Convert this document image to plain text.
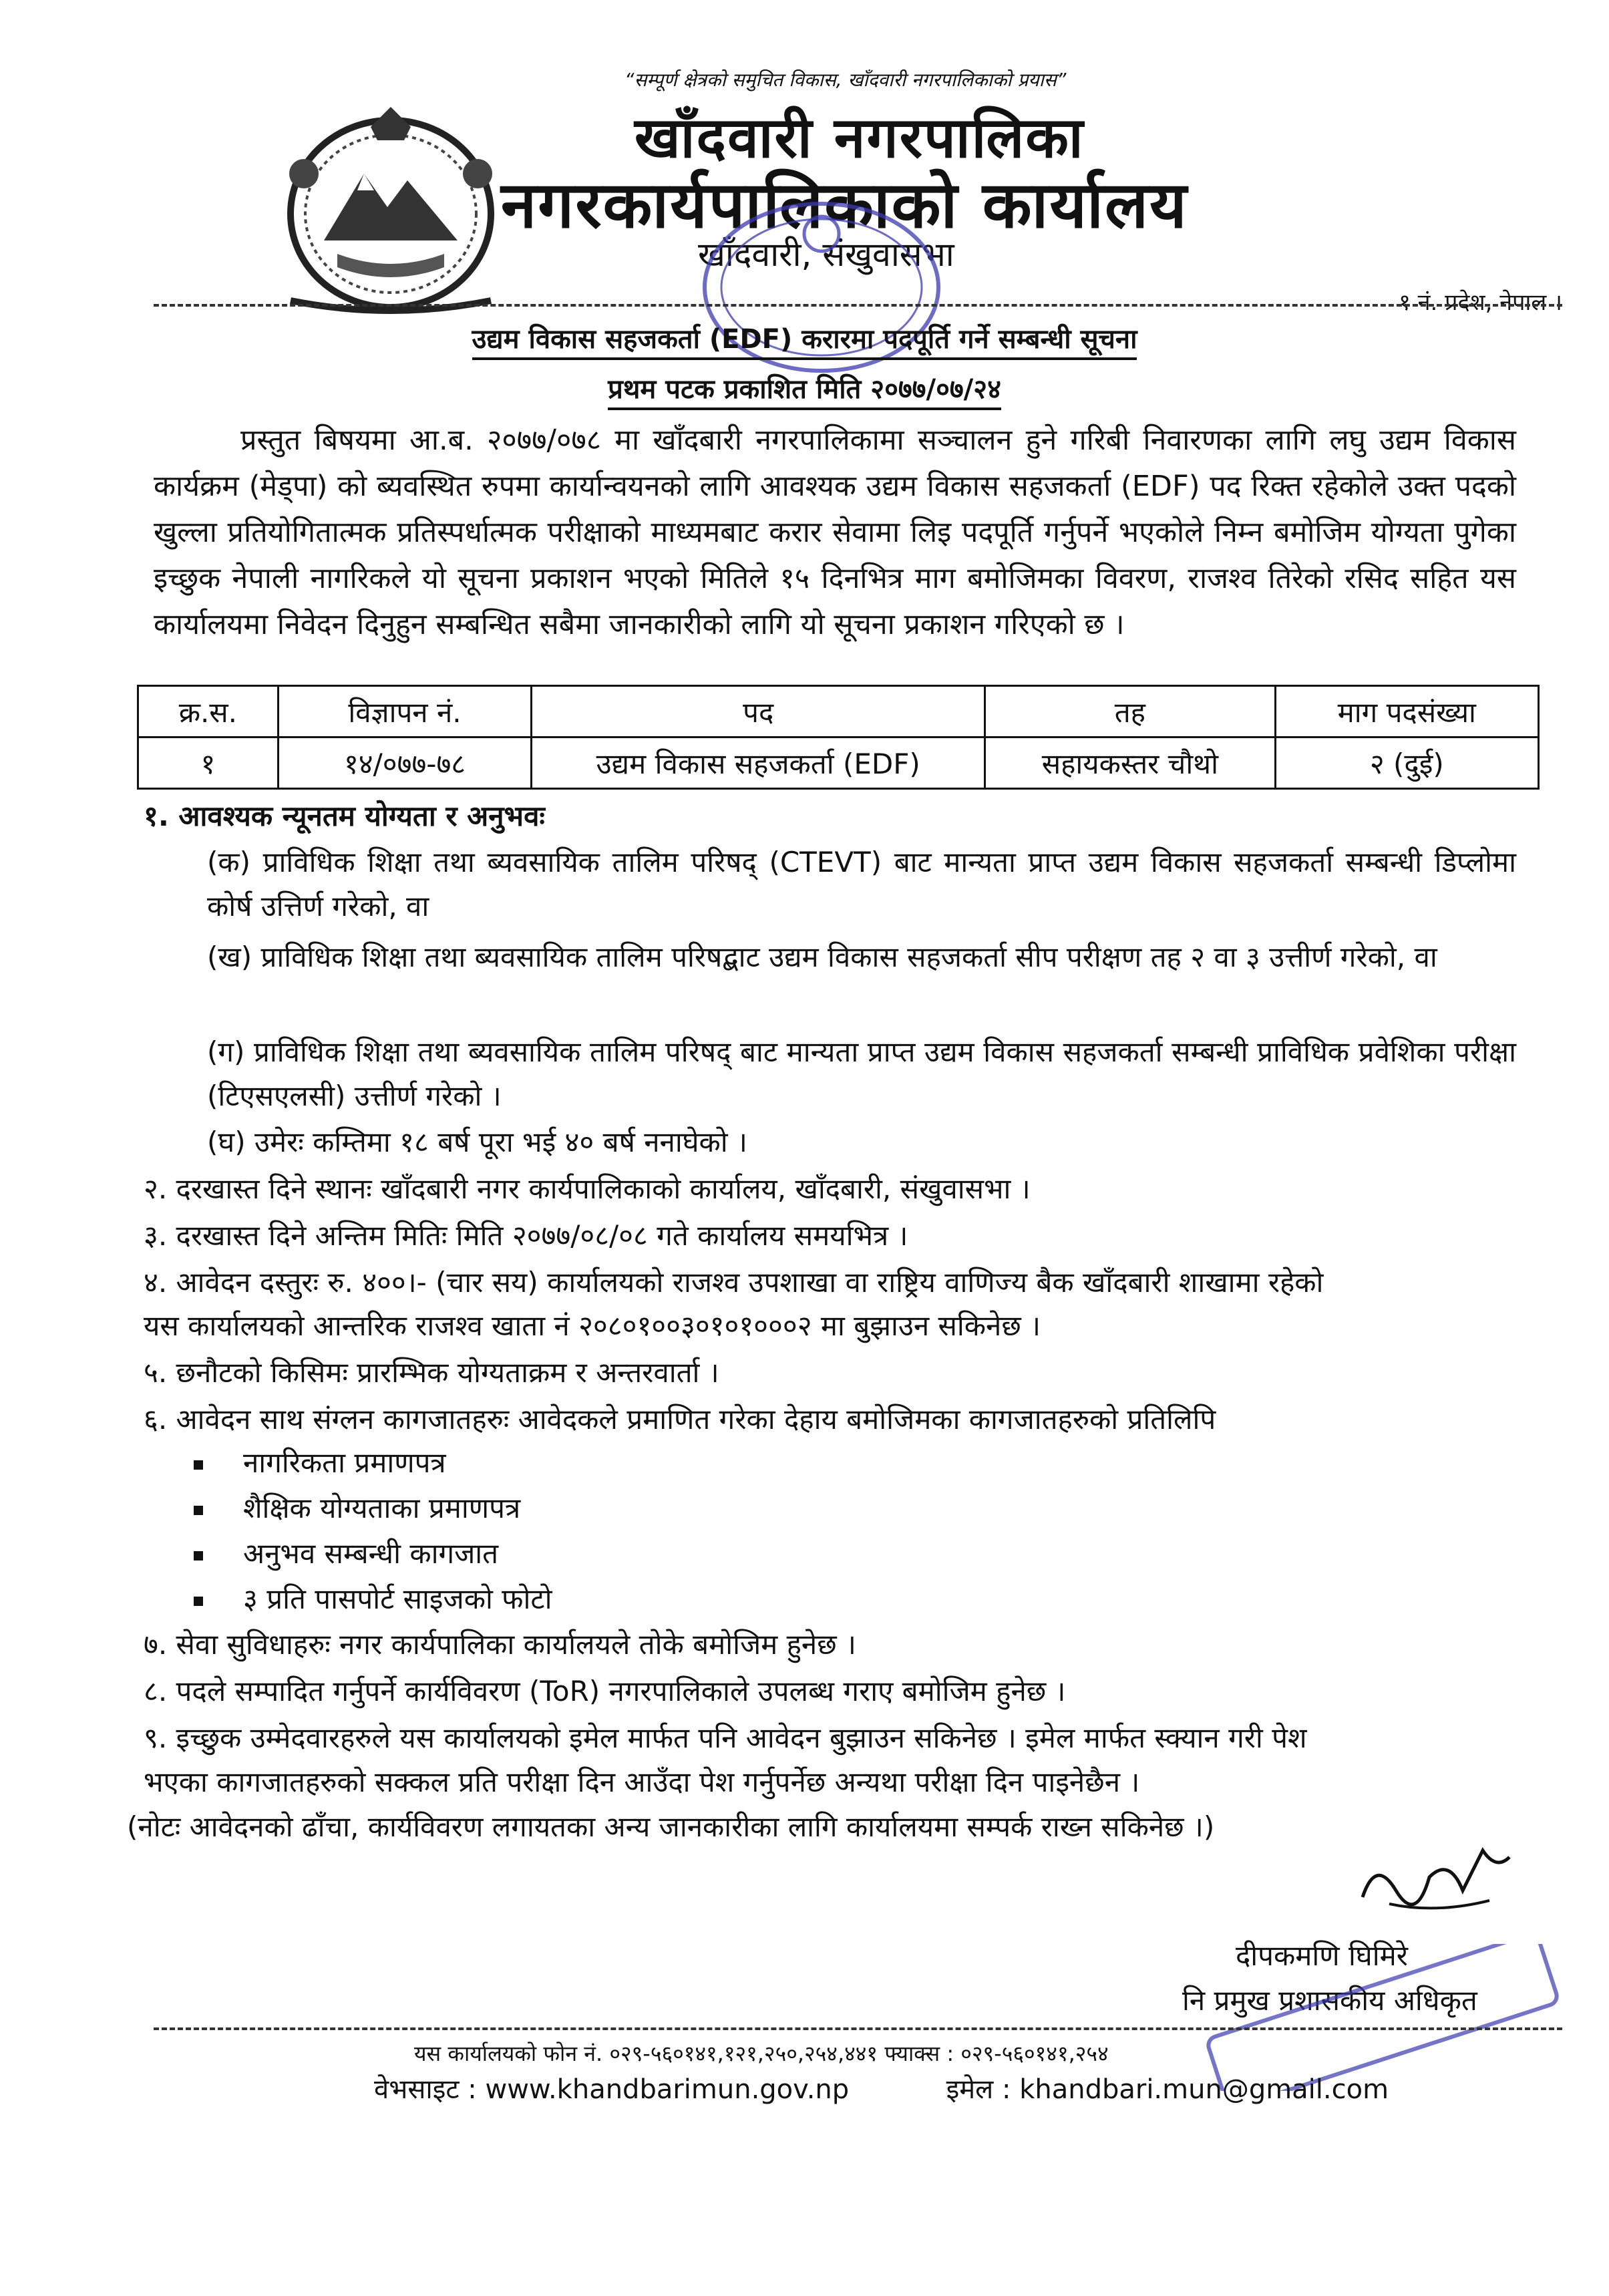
“सम्पूर्ण क्षेत्रको समुचित विकास, खाँदवारी नगरपालिकाको प्रयास”
खाँदवारी नगरपालिका
नगरकार्यपालिकाको कार्यालय
खाँदवारी, संखुवासभा
१ नं. प्रदेश, नेपाल ।
उद्यम विकास सहजकर्ता (EDF) करारमा पदपूर्ति गर्ने सम्बन्धी सूचना
प्रथम पटक प्रकाशित मिति २०७७/०७/२४
प्रस्तुत बिषयमा आ.ब. २०७७/०७८ मा खाँदबारी नगरपालिकामा सञ्चालन हुने गरिबी निवारणका लागि लघु उद्यम विकास कार्यक्रम (मेड्पा) को ब्यवस्थित रुपमा कार्यान्वयनको लागि आवश्यक उद्यम विकास सहजकर्ता (EDF) पद रिक्त रहेकोले उक्त पदको खुल्ला प्रतियोगितात्मक प्रतिस्पर्धात्मक परीक्षाको माध्यमबाट करार सेवामा लिइ पदपूर्ति गर्नुपर्ने भएकोले निम्न बमोजिम योग्यता पुगेका इच्छुक नेपाली नागरिकले यो सूचना प्रकाशन भएको मितिले १५ दिनभित्र माग बमोजिमका विवरण, राजश्व तिरेको रसिद सहित यस कार्यालयमा निवेदन दिनुहुन सम्बन्धित सबैमा जानकारीको लागि यो सूचना प्रकाशन गरिएको छ ।
क्र.स.	विज्ञापन नं.	पद	तह	माग पदसंख्या
१	१४/०७७-७८	उद्यम विकास सहजकर्ता (EDF)	सहायकस्तर चौथो	२ (दुई)
१. आवश्यक न्यूनतम योग्यता र अनुभवः
(क) प्राविधिक शिक्षा तथा ब्यवसायिक तालिम परिषद् (CTEVT) बाट मान्यता प्राप्त उद्यम विकास सहजकर्ता सम्बन्धी डिप्लोमा कोर्ष उत्तिर्ण गरेको, वा
(ख) प्राविधिक शिक्षा तथा ब्यवसायिक तालिम परिषद्बाट उद्यम विकास सहजकर्ता सीप परीक्षण तह २ वा ३ उत्तीर्ण गरेको, वा
(ग) प्राविधिक शिक्षा तथा ब्यवसायिक तालिम परिषद् बाट मान्यता प्राप्त उद्यम विकास सहजकर्ता सम्बन्धी प्राविधिक प्रवेशिका परीक्षा (टिएसएलसी) उत्तीर्ण गरेको ।
(घ) उमेरः कम्तिमा १८ बर्ष पूरा भई ४० बर्ष ननाघेको ।
२. दरखास्त दिने स्थानः खाँदबारी नगर कार्यपालिकाको कार्यालय, खाँदबारी, संखुवासभा ।
३. दरखास्त दिने अन्तिम मितिः मिति २०७७/०८/०८ गते कार्यालय समयभित्र ।
४. आवेदन दस्तुरः रु. ४००।- (चार सय) कार्यालयको राजश्व उपशाखा वा राष्ट्रिय वाणिज्य बैक खाँदबारी शाखामा रहेको
यस कार्यालयको आन्तरिक राजश्व खाता नं २०८०१००३०१०१०००२ मा बुझाउन सकिनेछ ।
५. छनौटको किसिमः प्रारम्भिक योग्यताक्रम र अन्तरवार्ता ।
६. आवेदन साथ संग्लन कागजातहरुः आवेदकले प्रमाणित गरेका देहाय बमोजिमका कागजातहरुको प्रतिलिपि
नागरिकता प्रमाणपत्र
शैक्षिक योग्यताका प्रमाणपत्र
अनुभव सम्बन्धी कागजात
३ प्रति पासपोर्ट साइजको फोटो
७. सेवा सुविधाहरुः नगर कार्यपालिका कार्यालयले तोके बमोजिम हुनेछ ।
८. पदले सम्पादित गर्नुपर्ने कार्यविवरण (ToR) नगरपालिकाले उपलब्ध गराए बमोजिम हुनेछ ।
९. इच्छुक उम्मेदवारहरुले यस कार्यालयको इमेल मार्फत पनि आवेदन बुझाउन सकिनेछ । इमेल मार्फत स्क्यान गरी पेश
भएका कागजातहरुको सक्कल प्रति परीक्षा दिन आउँदा पेश गर्नुपर्नेछ अन्यथा परीक्षा दिन पाइनेछैन ।
(नोटः आवेदनको ढाँचा, कार्यविवरण लगायतका अन्य जानकारीका लागि कार्यालयमा सम्पर्क राख्न सकिनेछ ।)
दीपकमणि घिमिरे
नि प्रमुख प्रशासकीय अधिकृत
यस कार्यालयको फोन नं. ०२९-५६०१४१,१२१,२५०,२५४,४४१ फ्याक्स : ०२९-५६०१४१,२५४
वेभसाइट : www.khandbarimun.gov.np	इमेल : khandbari.mun@gmail.com
